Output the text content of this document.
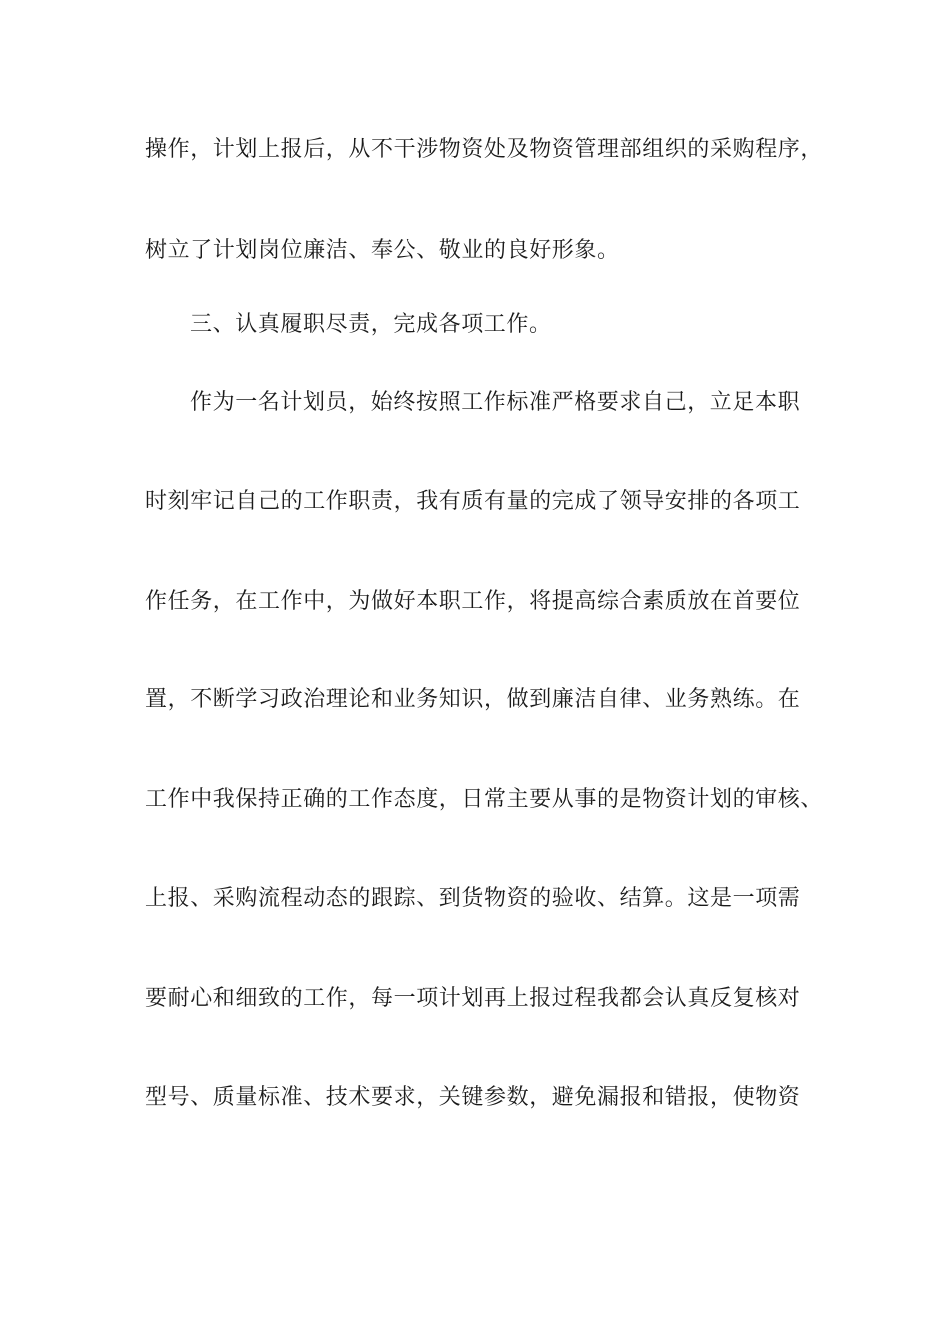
操作，计划上报后，从不干涉物资处及物资管理部组织的采购程序，
树立了计划岗位廉洁、奉公、敬业的良好形象。
三、认真履职尽责，完成各项工作。
作为一名计划员，始终按照工作标准严格要求自己，立足本职
时刻牢记自己的工作职责，我有质有量的完成了领导安排的各项工
作任务，在工作中，为做好本职工作，将提高综合素质放在首要位
置，不断学习政治理论和业务知识，做到廉洁自律、业务熟练。在
工作中我保持正确的工作态度，日常主要从事的是物资计划的审核、
上报、采购流程动态的跟踪、到货物资的验收、结算。这是一项需
要耐心和细致的工作，每一项计划再上报过程我都会认真反复核对
型号、质量标准、技术要求，关键参数，避免漏报和错报，使物资
